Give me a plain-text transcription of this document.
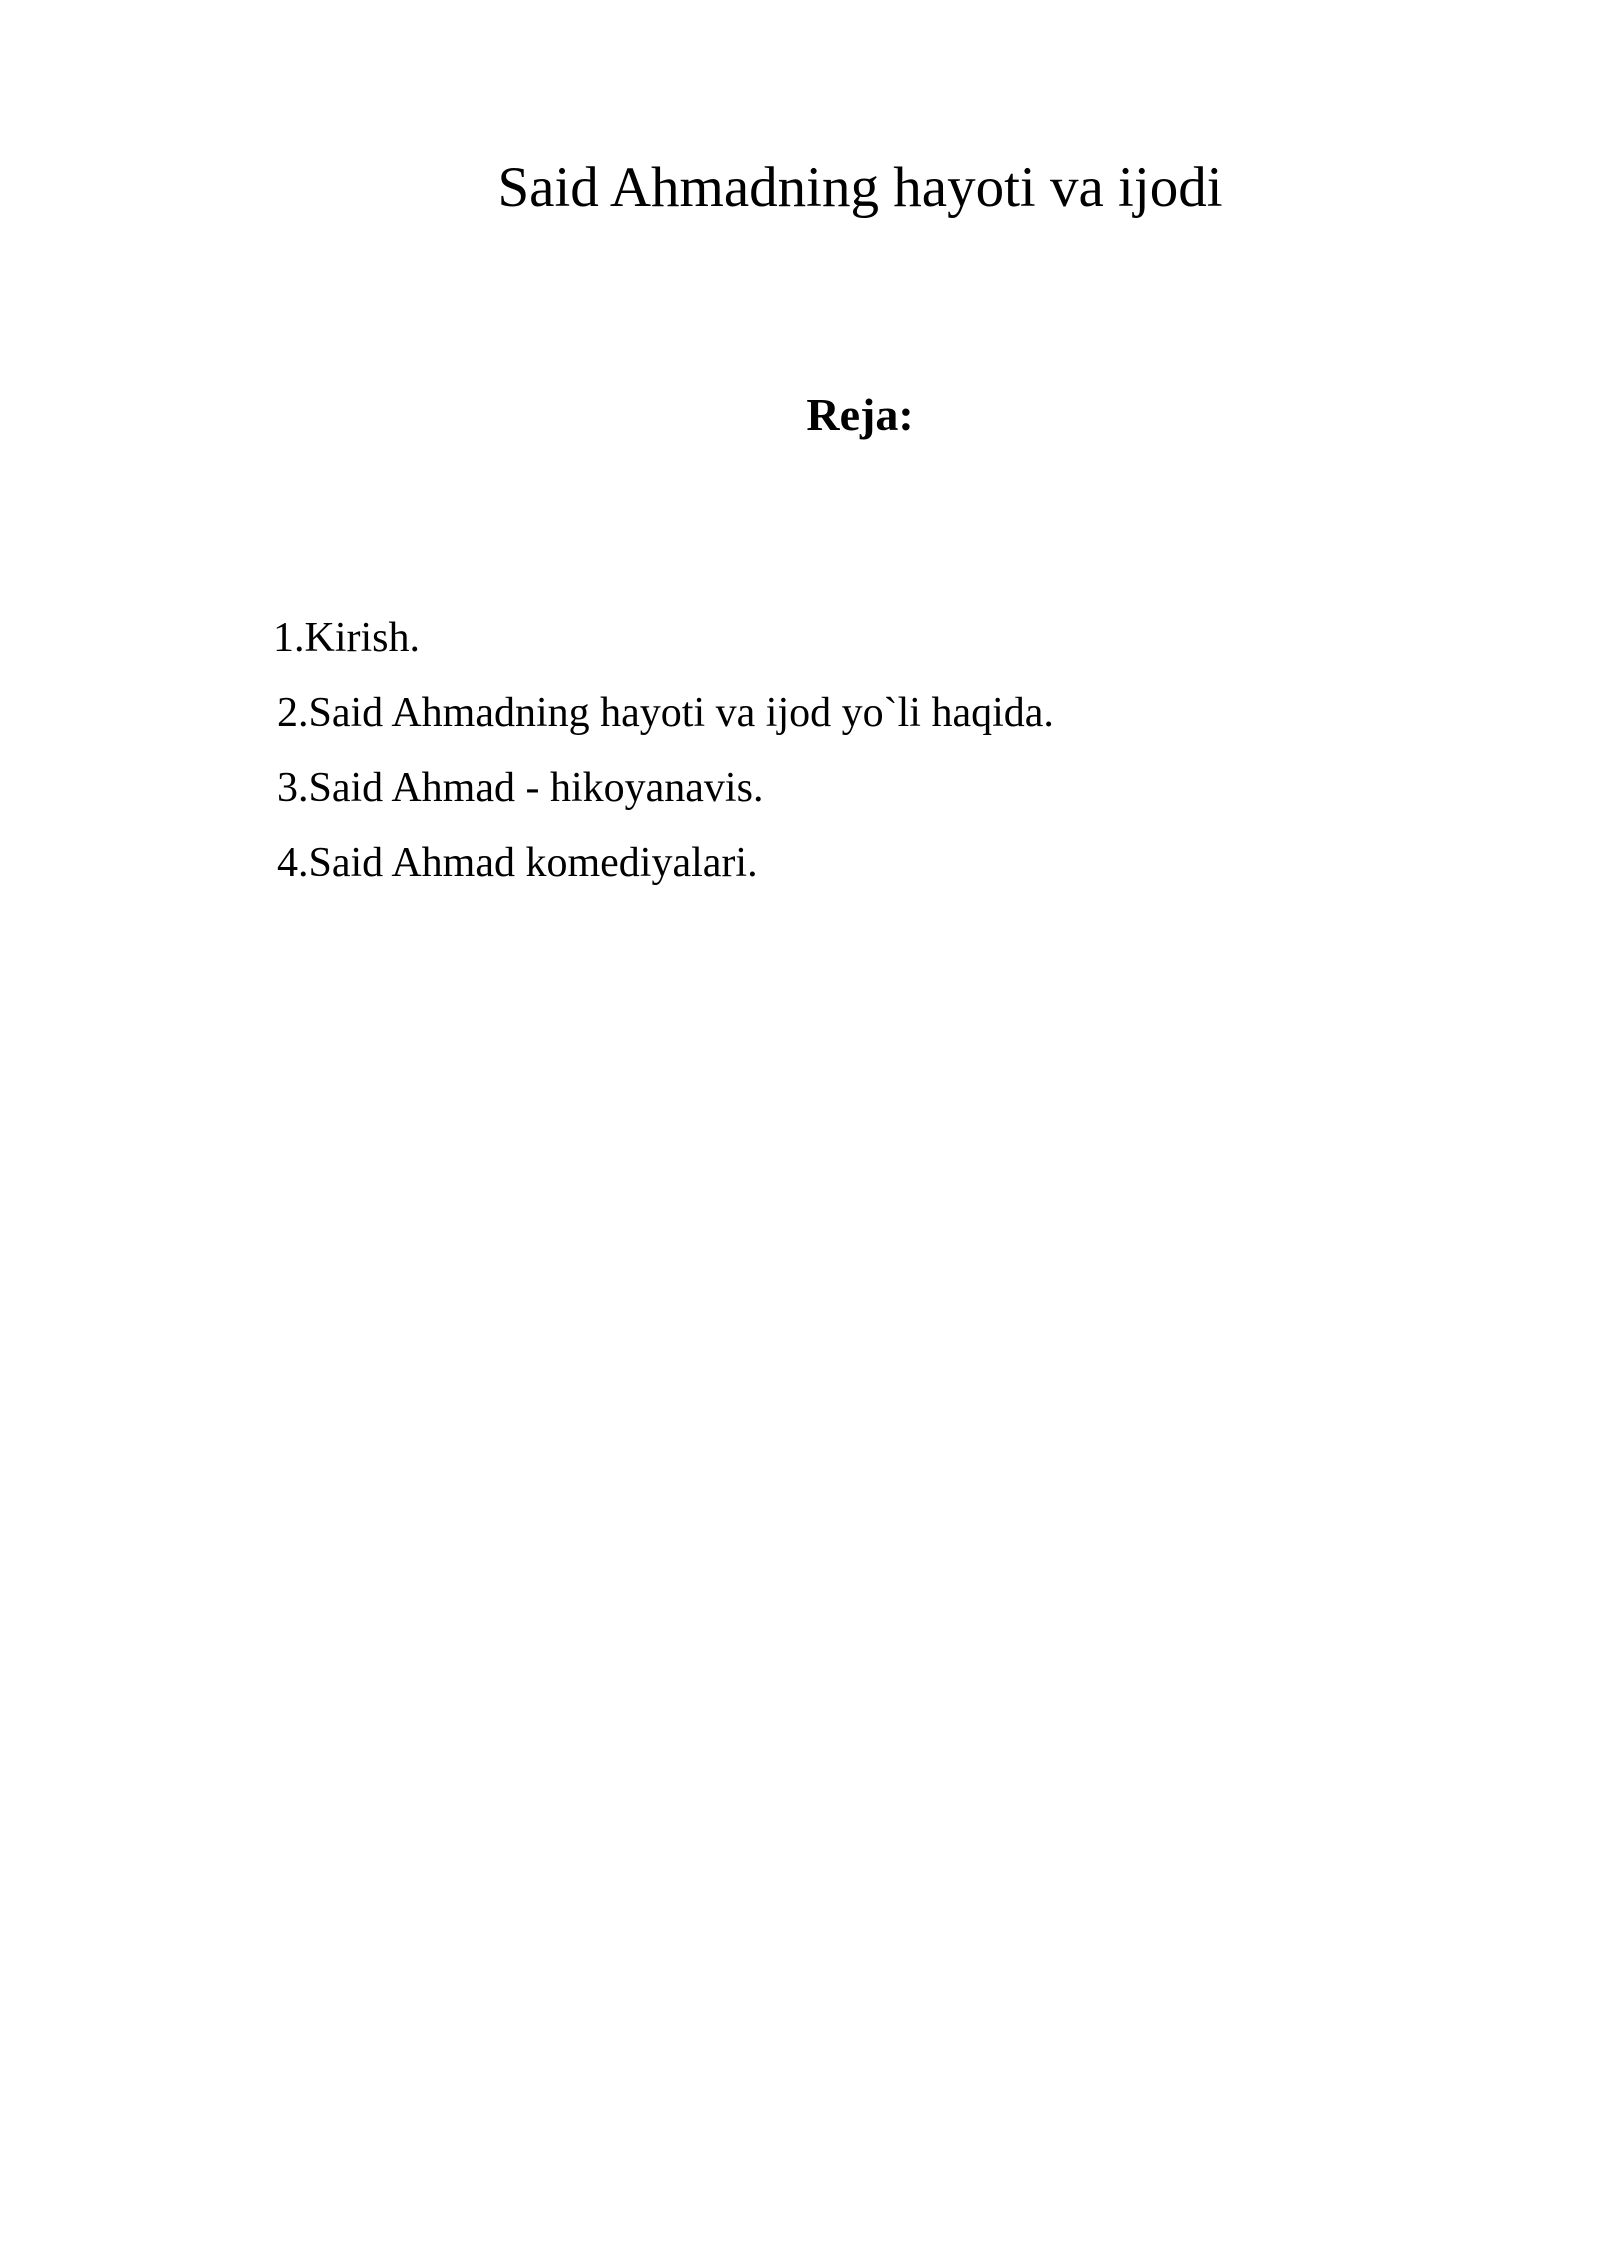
Said Ahmadning hayoti va ijodi
Reja:
1.Kirish.
2.Said Ahmadning hayoti va ijod yo`li haqida.
3.Said Ahmad - hikoyanavis.
4.Said Ahmad komediyalari.
